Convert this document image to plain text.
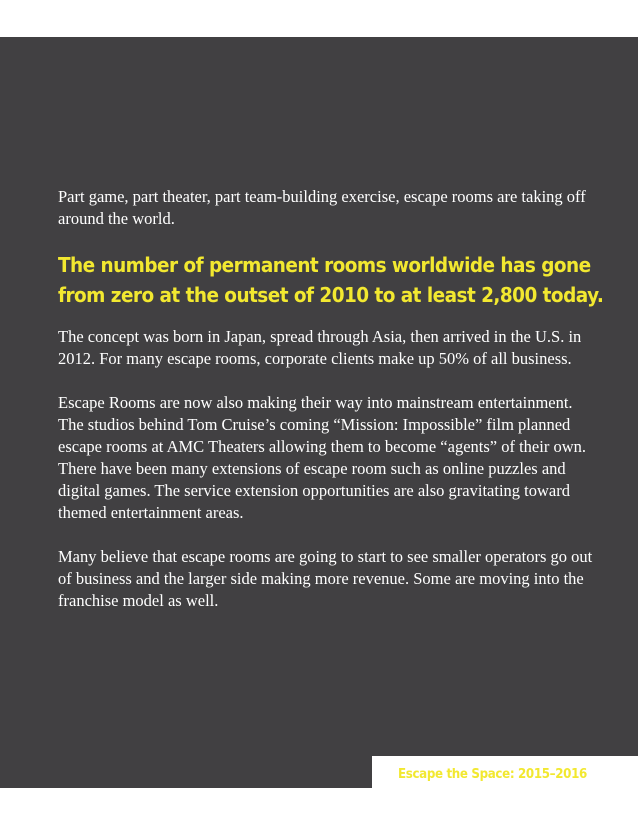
Part game, part theater, part team-building exercise, escape rooms are taking off around the world.

The number of permanent rooms worldwide has gone
from zero at the outset of 2010 to at least 2,800 today.

The concept was born in Japan, spread through Asia, then arrived in the U.S. in 2012. For many escape rooms, corporate clients make up 50% of all business.

Escape Rooms are now also making their way into mainstream entertainment. The studios behind Tom Cruise’s coming “Mission: Impossible” film planned escape rooms at AMC Theaters allowing them to become “agents” of their own. There have been many extensions of escape room such as online puzzles and digital games. The service extension opportunities are also gravitating toward themed entertainment areas.

Many believe that escape rooms are going to start to see smaller operators go out of business and the larger side making more revenue. Some are moving into the franchise model as well.

Escape the Space: 2015–2016
